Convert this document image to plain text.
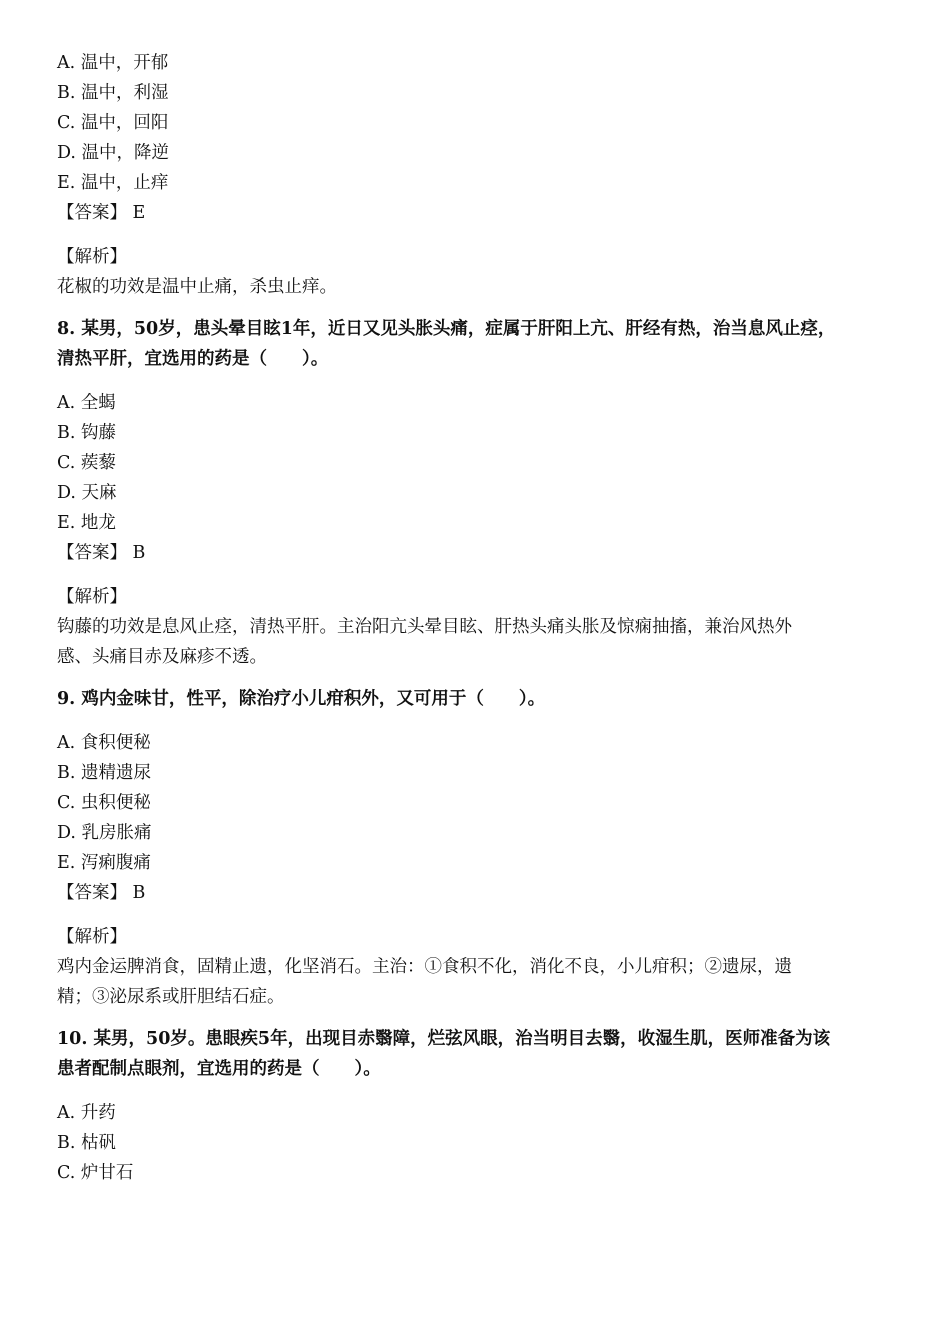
A. 温中，开郁
B. 温中，利湿
C. 温中，回阳
D. 温中，降逆
E. 温中，止痒
【答案】 E
【解析】
花椒的功效是温中止痛，杀虫止痒。
8. 某男，50岁，患头晕目眩1年，近日又见头胀头痛，症属于肝阳上亢、肝经有热，治当息风止痉，
清热平肝，宜选用的药是（　　）。
A. 全蝎
B. 钩藤
C. 蒺藜
D. 天麻
E. 地龙
【答案】 B
【解析】
钩藤的功效是息风止痉，清热平肝。主治阳亢头晕目眩、肝热头痛头胀及惊痫抽搐，兼治风热外
感、头痛目赤及麻疹不透。
9. 鸡内金味甘，性平，除治疗小儿疳积外，又可用于（　　）。
A. 食积便秘
B. 遗精遗尿
C. 虫积便秘
D. 乳房胀痛
E. 泻痢腹痛
【答案】 B
【解析】
鸡内金运脾消食，固精止遗，化坚消石。主治：①食积不化，消化不良，小儿疳积；②遗尿，遗
精；③泌尿系或肝胆结石症。
10. 某男，50岁。患眼疾5年，出现目赤翳障，烂弦风眼，治当明目去翳，收湿生肌，医师准备为该
患者配制点眼剂，宜选用的药是（　　）。
A. 升药
B. 枯矾
C. 炉甘石
